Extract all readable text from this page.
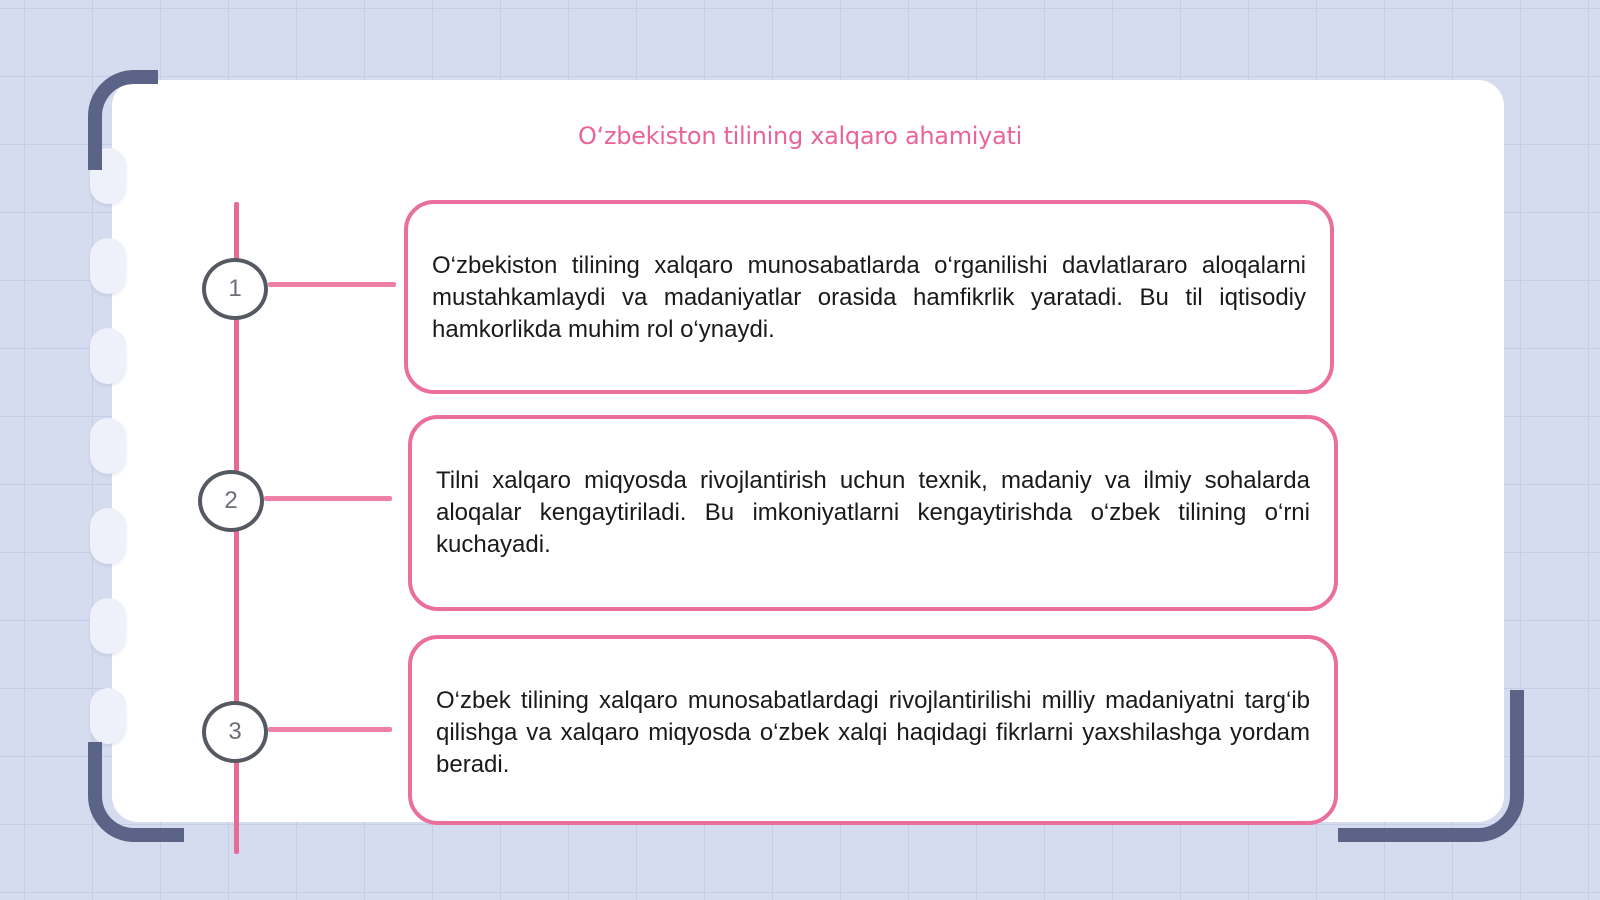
O‘zbekiston tilining xalqaro ahamiyati
1
2
3

O‘zbekiston tilining xalqaro munosabatlarda o‘rganilishi davlatlararo aloqalarni mustahkamlaydi va madaniyatlar orasida hamfikrlik yaratadi. Bu til iqtisodiy hamkorlikda muhim rol o‘ynaydi.

Tilni xalqaro miqyosda rivojlantirish uchun texnik, madaniy va ilmiy sohalarda aloqalar kengaytiriladi. Bu imkoniyatlarni kengaytirishda o‘zbek tilining o‘rni kuchayadi.

O‘zbek tilining xalqaro munosabatlardagi rivojlantirilishi milliy madaniyatni targ‘ib qilishga va xalqaro miqyosda o‘zbek xalqi haqidagi fikrlarni yaxshilashga yordam beradi.
